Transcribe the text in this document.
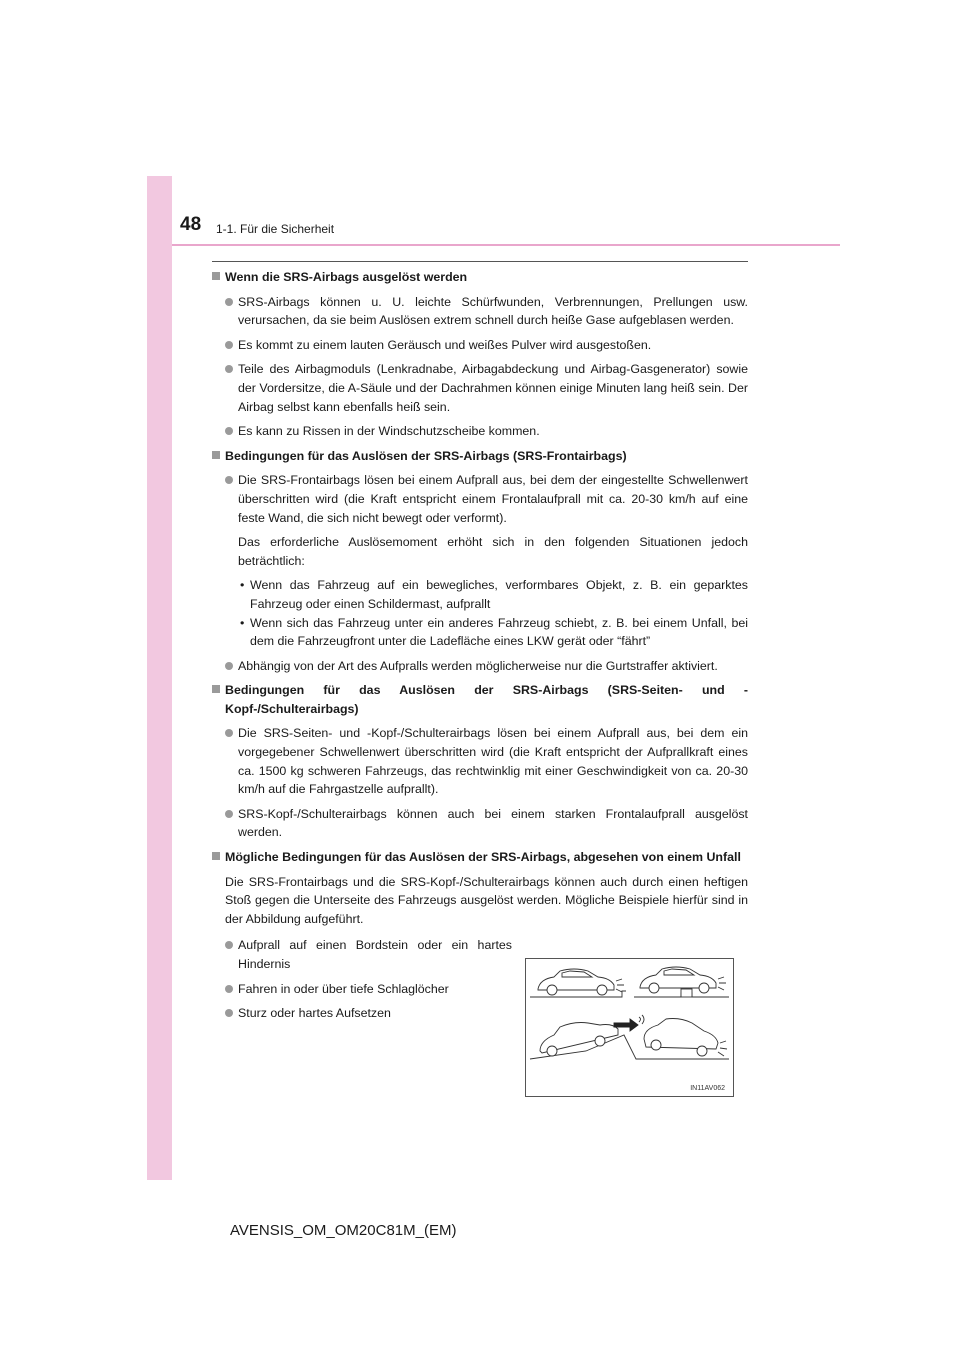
48 1-1. Für die Sicherheit
Wenn die SRS-Airbags ausgelöst werden
SRS-Airbags können u. U. leichte Schürfwunden, Verbrennungen, Prellungen usw. verursachen, da sie beim Auslösen extrem schnell durch heiße Gase aufgeblasen werden.
Es kommt zu einem lauten Geräusch und weißes Pulver wird ausgestoßen.
Teile des Airbagmoduls (Lenkradnabe, Airbagabdeckung und Airbag-Gasgenerator) sowie der Vordersitze, die A-Säule und der Dachrahmen können einige Minuten lang heiß sein. Der Airbag selbst kann ebenfalls heiß sein.
Es kann zu Rissen in der Windschutzscheibe kommen.
Bedingungen für das Auslösen der SRS-Airbags (SRS-Frontairbags)
Die SRS-Frontairbags lösen bei einem Aufprall aus, bei dem der eingestellte Schwellenwert überschritten wird (die Kraft entspricht einem Frontalaufprall mit ca. 20-30 km/h auf eine feste Wand, die sich nicht bewegt oder verformt).
Das erforderliche Auslösemoment erhöht sich in den folgenden Situationen jedoch beträchtlich:
• Wenn das Fahrzeug auf ein bewegliches, verformbares Objekt, z. B. ein geparktes Fahrzeug oder einen Schildermast, aufprallt
• Wenn sich das Fahrzeug unter ein anderes Fahrzeug schiebt, z. B. bei einem Unfall, bei dem die Fahrzeugfront unter die Ladefläche eines LKW gerät oder “fährt”
Abhängig von der Art des Aufpralls werden möglicherweise nur die Gurtstraffer aktiviert.
Bedingungen für das Auslösen der SRS-Airbags (SRS-Seiten- und -Kopf-/Schulterairbags)
Die SRS-Seiten- und -Kopf-/Schulterairbags lösen bei einem Aufprall aus, bei dem ein vorgegebener Schwellenwert überschritten wird (die Kraft entspricht der Aufprallkraft eines ca. 1500 kg schweren Fahrzeugs, das rechtwinklig mit einer Geschwindigkeit von ca. 20-30 km/h auf die Fahrgastzelle aufprallt).
SRS-Kopf-/Schulterairbags können auch bei einem starken Frontalaufprall ausgelöst werden.
Mögliche Bedingungen für das Auslösen der SRS-Airbags, abgesehen von einem Unfall
Die SRS-Frontairbags und die SRS-Kopf-/Schulterairbags können auch durch einen heftigen Stoß gegen die Unterseite des Fahrzeugs ausgelöst werden. Mögliche Beispiele hierfür sind in der Abbildung aufgeführt.
Aufprall auf einen Bordstein oder ein hartes Hindernis
Fahren in oder über tiefe Schlaglöcher
Sturz oder hartes Aufsetzen
IN11AV062
AVENSIS_OM_OM20C81M_(EM)
